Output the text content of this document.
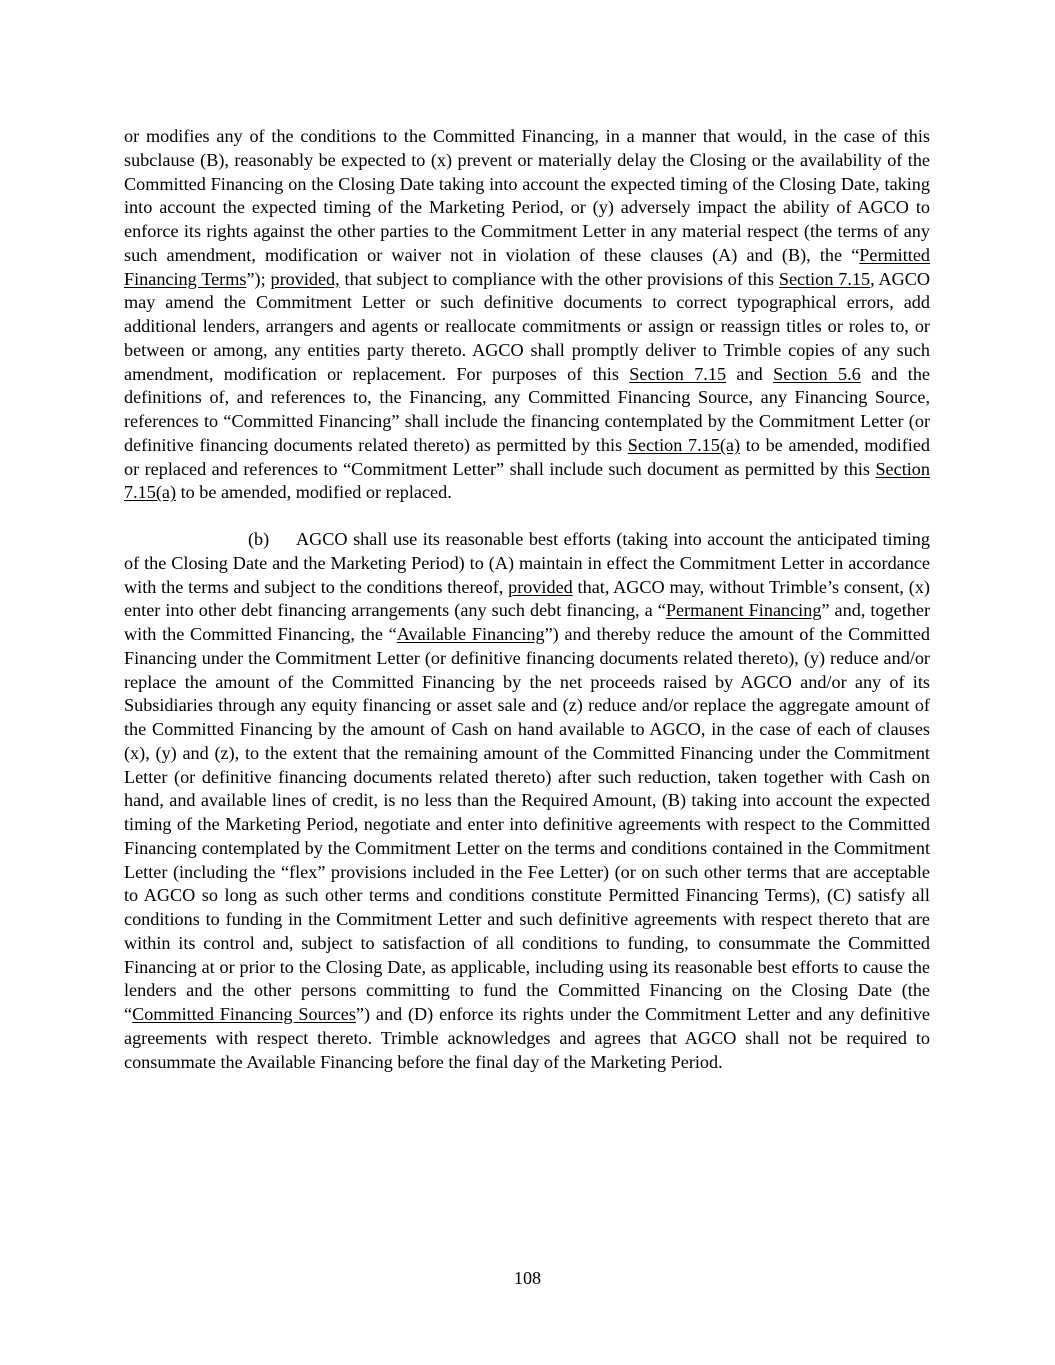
or modifies any of the conditions to the Committed Financing, in a manner that would, in the case of this subclause (B), reasonably be expected to (x) prevent or materially delay the Closing or the availability of the Committed Financing on the Closing Date taking into account the expected timing of the Closing Date, taking into account the expected timing of the Marketing Period, or (y) adversely impact the ability of AGCO to enforce its rights against the other parties to the Commitment Letter in any material respect (the terms of any such amendment, modification or waiver not in violation of these clauses (A) and (B), the “Permitted Financing Terms”); provided, that subject to compliance with the other provisions of this Section 7.15, AGCO may amend the Commitment Letter or such definitive documents to correct typographical errors, add additional lenders, arrangers and agents or reallocate commitments or assign or reassign titles or roles to, or between or among, any entities party thereto. AGCO shall promptly deliver to Trimble copies of any such amendment, modification or replacement. For purposes of this Section 7.15 and Section 5.6 and the definitions of, and references to, the Financing, any Committed Financing Source, any Financing Source, references to “Committed Financing” shall include the financing contemplated by the Commitment Letter (or definitive financing documents related thereto) as permitted by this Section 7.15(a) to be amended, modified or replaced and references to “Commitment Letter” shall include such document as permitted by this Section 7.15(a) to be amended, modified or replaced.

(b) AGCO shall use its reasonable best efforts (taking into account the anticipated timing of the Closing Date and the Marketing Period) to (A) maintain in effect the Commitment Letter in accordance with the terms and subject to the conditions thereof, provided that, AGCO may, without Trimble’s consent, (x) enter into other debt financing arrangements (any such debt financing, a “Permanent Financing” and, together with the Committed Financing, the “Available Financing”) and thereby reduce the amount of the Committed Financing under the Commitment Letter (or definitive financing documents related thereto), (y) reduce and/or replace the amount of the Committed Financing by the net proceeds raised by AGCO and/or any of its Subsidiaries through any equity financing or asset sale and (z) reduce and/or replace the aggregate amount of the Committed Financing by the amount of Cash on hand available to AGCO, in the case of each of clauses (x), (y) and (z), to the extent that the remaining amount of the Committed Financing under the Commitment Letter (or definitive financing documents related thereto) after such reduction, taken together with Cash on hand, and available lines of credit, is no less than the Required Amount, (B) taking into account the expected timing of the Marketing Period, negotiate and enter into definitive agreements with respect to the Committed Financing contemplated by the Commitment Letter on the terms and conditions contained in the Commitment Letter (including the “flex” provisions included in the Fee Letter) (or on such other terms that are acceptable to AGCO so long as such other terms and conditions constitute Permitted Financing Terms), (C) satisfy all conditions to funding in the Commitment Letter and such definitive agreements with respect thereto that are within its control and, subject to satisfaction of all conditions to funding, to consummate the Committed Financing at or prior to the Closing Date, as applicable, including using its reasonable best efforts to cause the lenders and the other persons committing to fund the Committed Financing on the Closing Date (the “Committed Financing Sources”) and (D) enforce its rights under the Commitment Letter and any definitive agreements with respect thereto. Trimble acknowledges and agrees that AGCO shall not be required to consummate the Available Financing before the final day of the Marketing Period.

108
